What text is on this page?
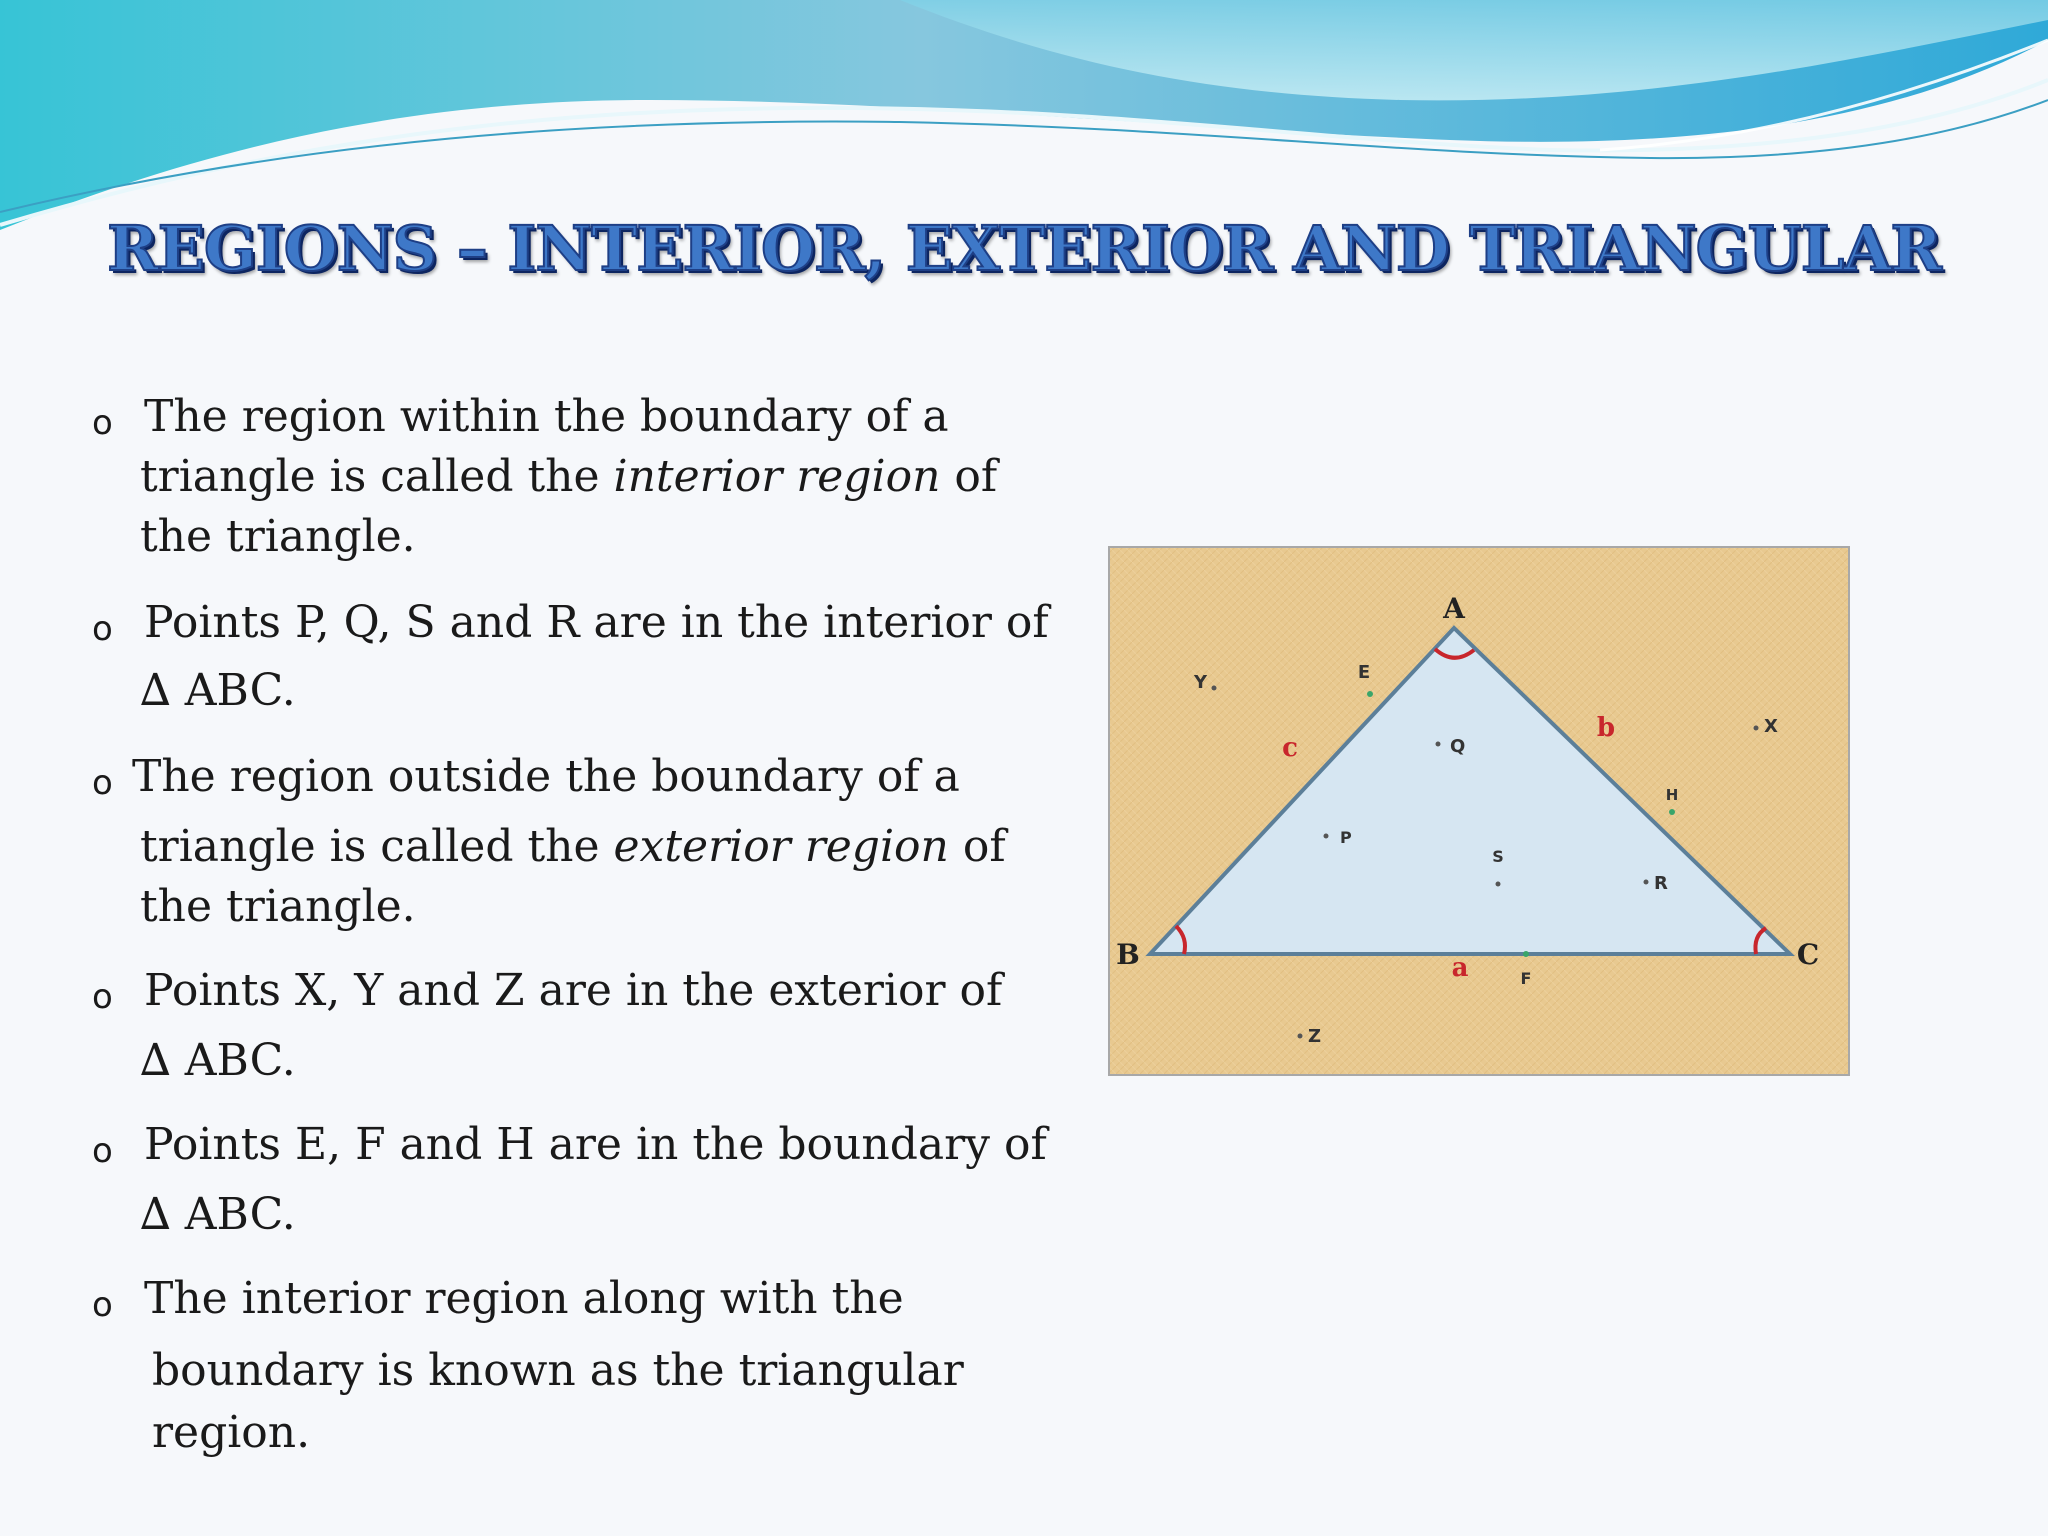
REGIONS – INTERIOR, EXTERIOR AND TRIANGULAR
o The region within the boundary of a
triangle is called the interior region of
the triangle.
o Points P, Q, S and R are in the interior of
∆ ABC.
o The region outside the boundary of a
triangle is called the exterior region of
the triangle.
o Points X, Y and Z are in the exterior of
∆ ABC.
o Points E, F and H are in the boundary of
∆ ABC.
o The interior region along with the
boundary is known as the triangular
region.
A
B	C
c
b
a
E
F
H
P
Q
S
R
Y
X
Z
